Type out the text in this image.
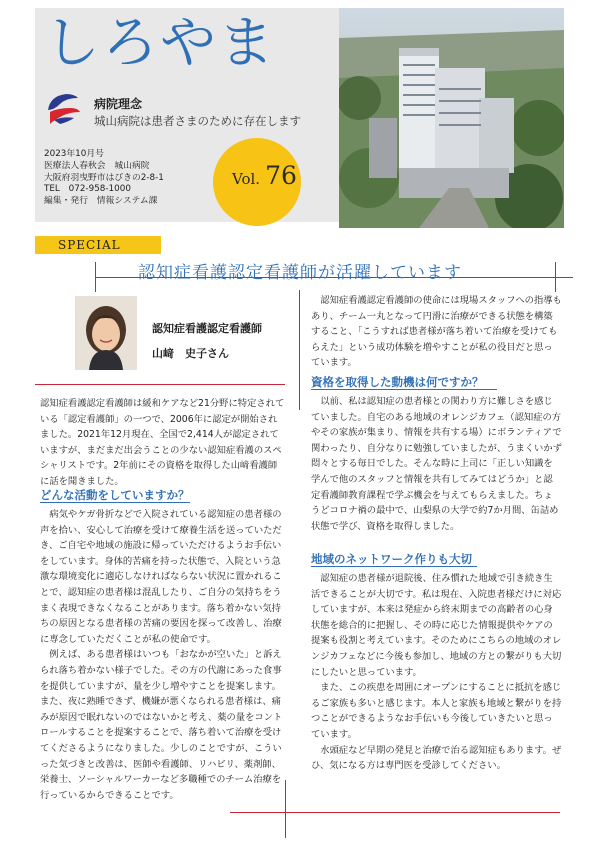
しろやま
病院理念
城山病院は患者さまのために存在します
2023年10月号
医療法人春秋会　城山病院
大阪府羽曳野市はびきの2-8-1
TEL　072-958-1000
編集・発行　情報システム課
Vol. 76
SPECIAL
認知症看護認定看護師が活躍しています
認知症看護認定看護師
山﨑　史子さん

認知症看護認定看護師は緩和ケアなど21分野に特定されている「認定看護師」の一つで、2006年に認定が開始されました。2021年12月現在、全国で2,414人が認定されていますが、まだまだ出会うことの少ない認知症看護のスペシャリストです。2年前にその資格を取得した山﨑看護師に話を聞きました。

どんな活動をしていますか？

病気やケガ骨折などで入院されている認知症の患者様の声を拾い、安心して治療を受けて療養生活を送っていただき、ご自宅や地域の施設に帰っていただけるようお手伝いをしています。身体的苦痛を持った状態で、入院という急激な環境変化に適応しなければならない状況に置かれることで、認知症の患者様は混乱したり、ご自分の気持ちをうまく表現できなくなることがあります。落ち着かない気持ちの原因となる患者様の苦痛の要因を探って改善し、治療に専念していただくことが私の使命です。

例えば、ある患者様はいつも「おなかが空いた」と訴えられ落ち着かない様子でした。その方の代謝にあった食事を提供していますが、量を少し増やすことを提案します。また、夜に熟睡できず、機嫌が悪くなられる患者様は、痛みが原因で眠れないのではないかと考え、薬の量をコントロールすることを提案することで、落ち着いて治療を受けてくださるようになりました。少しのことですが、こういった気づきと改善は、医師や看護師、リハビリ、薬剤師、栄養士、ソーシャルワーカーなど多職種でのチーム治療を行っているからできることです。

認知症看護認定看護師の使命には現場スタッフへの指導もあり、チーム一丸となって円滑に治療ができる状態を構築すること、「こうすれば患者様が落ち着いて治療を受けてもらえた」という成功体験を増やすことが私の役目だと思っています。

資格を取得した動機は何ですか？

以前、私は認知症の患者様との関わり方に難しさを感じていました。自宅のある地域のオレンジカフェ（認知症の方やその家族が集まり、情報を共有する場）にボランティアで関わったり、自分なりに勉強していましたが、うまくいかず悶々とする毎日でした。そんな時に上司に「正しい知識を学んで他のスタッフと情報を共有してみてはどうか」と認定看護師教育課程で学ぶ機会を与えてもらえました。ちょうどコロナ禍の最中で、山梨県の大学で約7か月間、缶詰め状態で学び、資格を取得しました。

地域のネットワーク作りも大切

認知症の患者様が退院後、住み慣れた地域で引き続き生活できることが大切です。私は現在、入院患者様だけに対応していますが、本来は発症から終末期までの高齢者の心身状態を総合的に把握し、その時に応じた情報提供やケアの提案も役割と考えています。そのためにこちらの地域のオレンジカフェなどに今後も参加し、地域の方との繋がりも大切にしたいと思っています。

また、この疾患を周囲にオープンにすることに抵抗を感じるご家族も多いと感じます。本人と家族も地域と繋がりを持つことができるようなお手伝いも今後していきたいと思っています。

水頭症など早期の発見と治療で治る認知症もあります。ぜひ、気になる方は専門医を受診してください。
